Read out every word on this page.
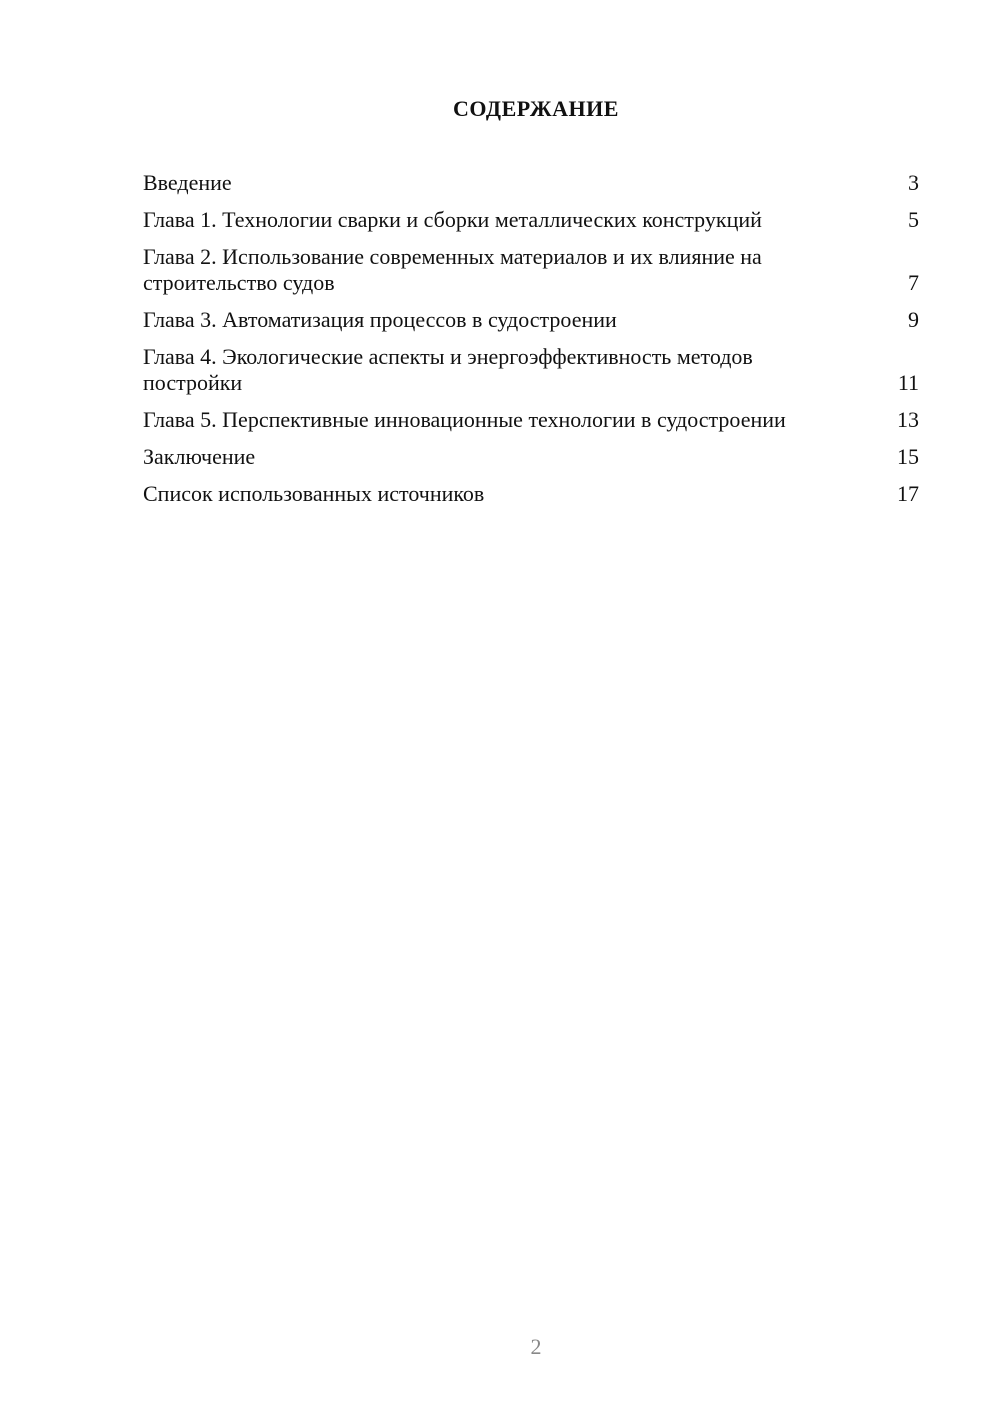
СОДЕРЖАНИЕ
Введение	3
Глава 1. Технологии сварки и сборки металлических конструкций	5
Глава 2. Использование современных материалов и их влияние на строительство судов	7
Глава 3. Автоматизация процессов в судостроении	9
Глава 4. Экологические аспекты и энергоэффективность методов постройки	11
Глава 5. Перспективные инновационные технологии в судостроении	13
Заключение	15
Список использованных источников	17
2
